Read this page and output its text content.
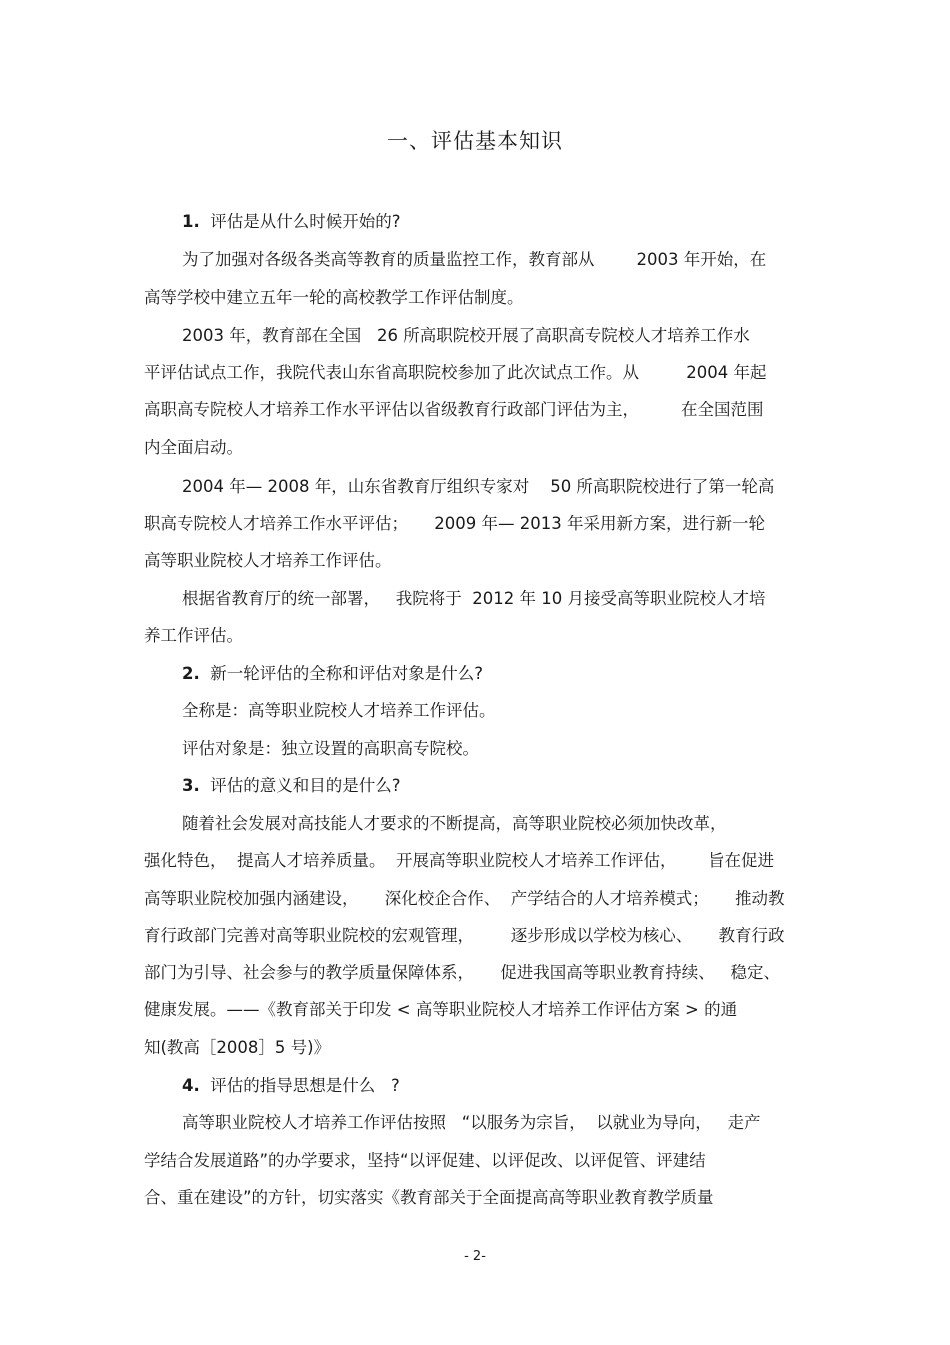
一、评估基本知识
1.  评估是从什么时候开始的?
为了加强对各级各类高等教育的质量监控工作，教育部从        2003 年开始，在
高等学校中建立五年一轮的高校教学工作评估制度。
2003 年，教育部在全国   26 所高职院校开展了高职高专院校人才培养工作水
平评估试点工作，我院代表山东省高职院校参加了此次试点工作。从         2004 年起
高职高专院校人才培养工作水平评估以省级教育行政部门评估为主，        在全国范围
内全面启动。
2004 年— 2008 年，山东省教育厅组织专家对    50 所高职院校进行了第一轮高
职高专院校人才培养工作水平评估；     2009 年— 2013 年采用新方案，进行新一轮
高等职业院校人才培养工作评估。
根据省教育厅的统一部署，   我院将于  2012 年 10 月接受高等职业院校人才培
养工作评估。
2.  新一轮评估的全称和评估对象是什么?
全称是：高等职业院校人才培养工作评估。
评估对象是：独立设置的高职高专院校。
3.  评估的意义和目的是什么?
随着社会发展对高技能人才要求的不断提高，高等职业院校必须加快改革，
强化特色，  提高人才培养质量。  开展高等职业院校人才培养工作评估，      旨在促进
高等职业院校加强内涵建设，     深化校企合作、  产学结合的人才培养模式；     推动教
育行政部门完善对高等职业院校的宏观管理，       逐步形成以学校为核心、     教育行政
部门为引导、社会参与的教学质量保障体系，     促进我国高等职业教育持续、   稳定、
健康发展。——《教育部关于印发 < 高等职业院校人才培养工作评估方案 > 的通
知(教高［2008］5 号)》
4.  评估的指导思想是什么   ?
高等职业院校人才培养工作评估按照   “以服务为宗旨，  以就业为导向，   走产
学结合发展道路”的办学要求，坚持“以评促建、以评促改、以评促管、评建结
合、重在建设”的方针，切实落实《教育部关于全面提高高等职业教育教学质量
- 2-
